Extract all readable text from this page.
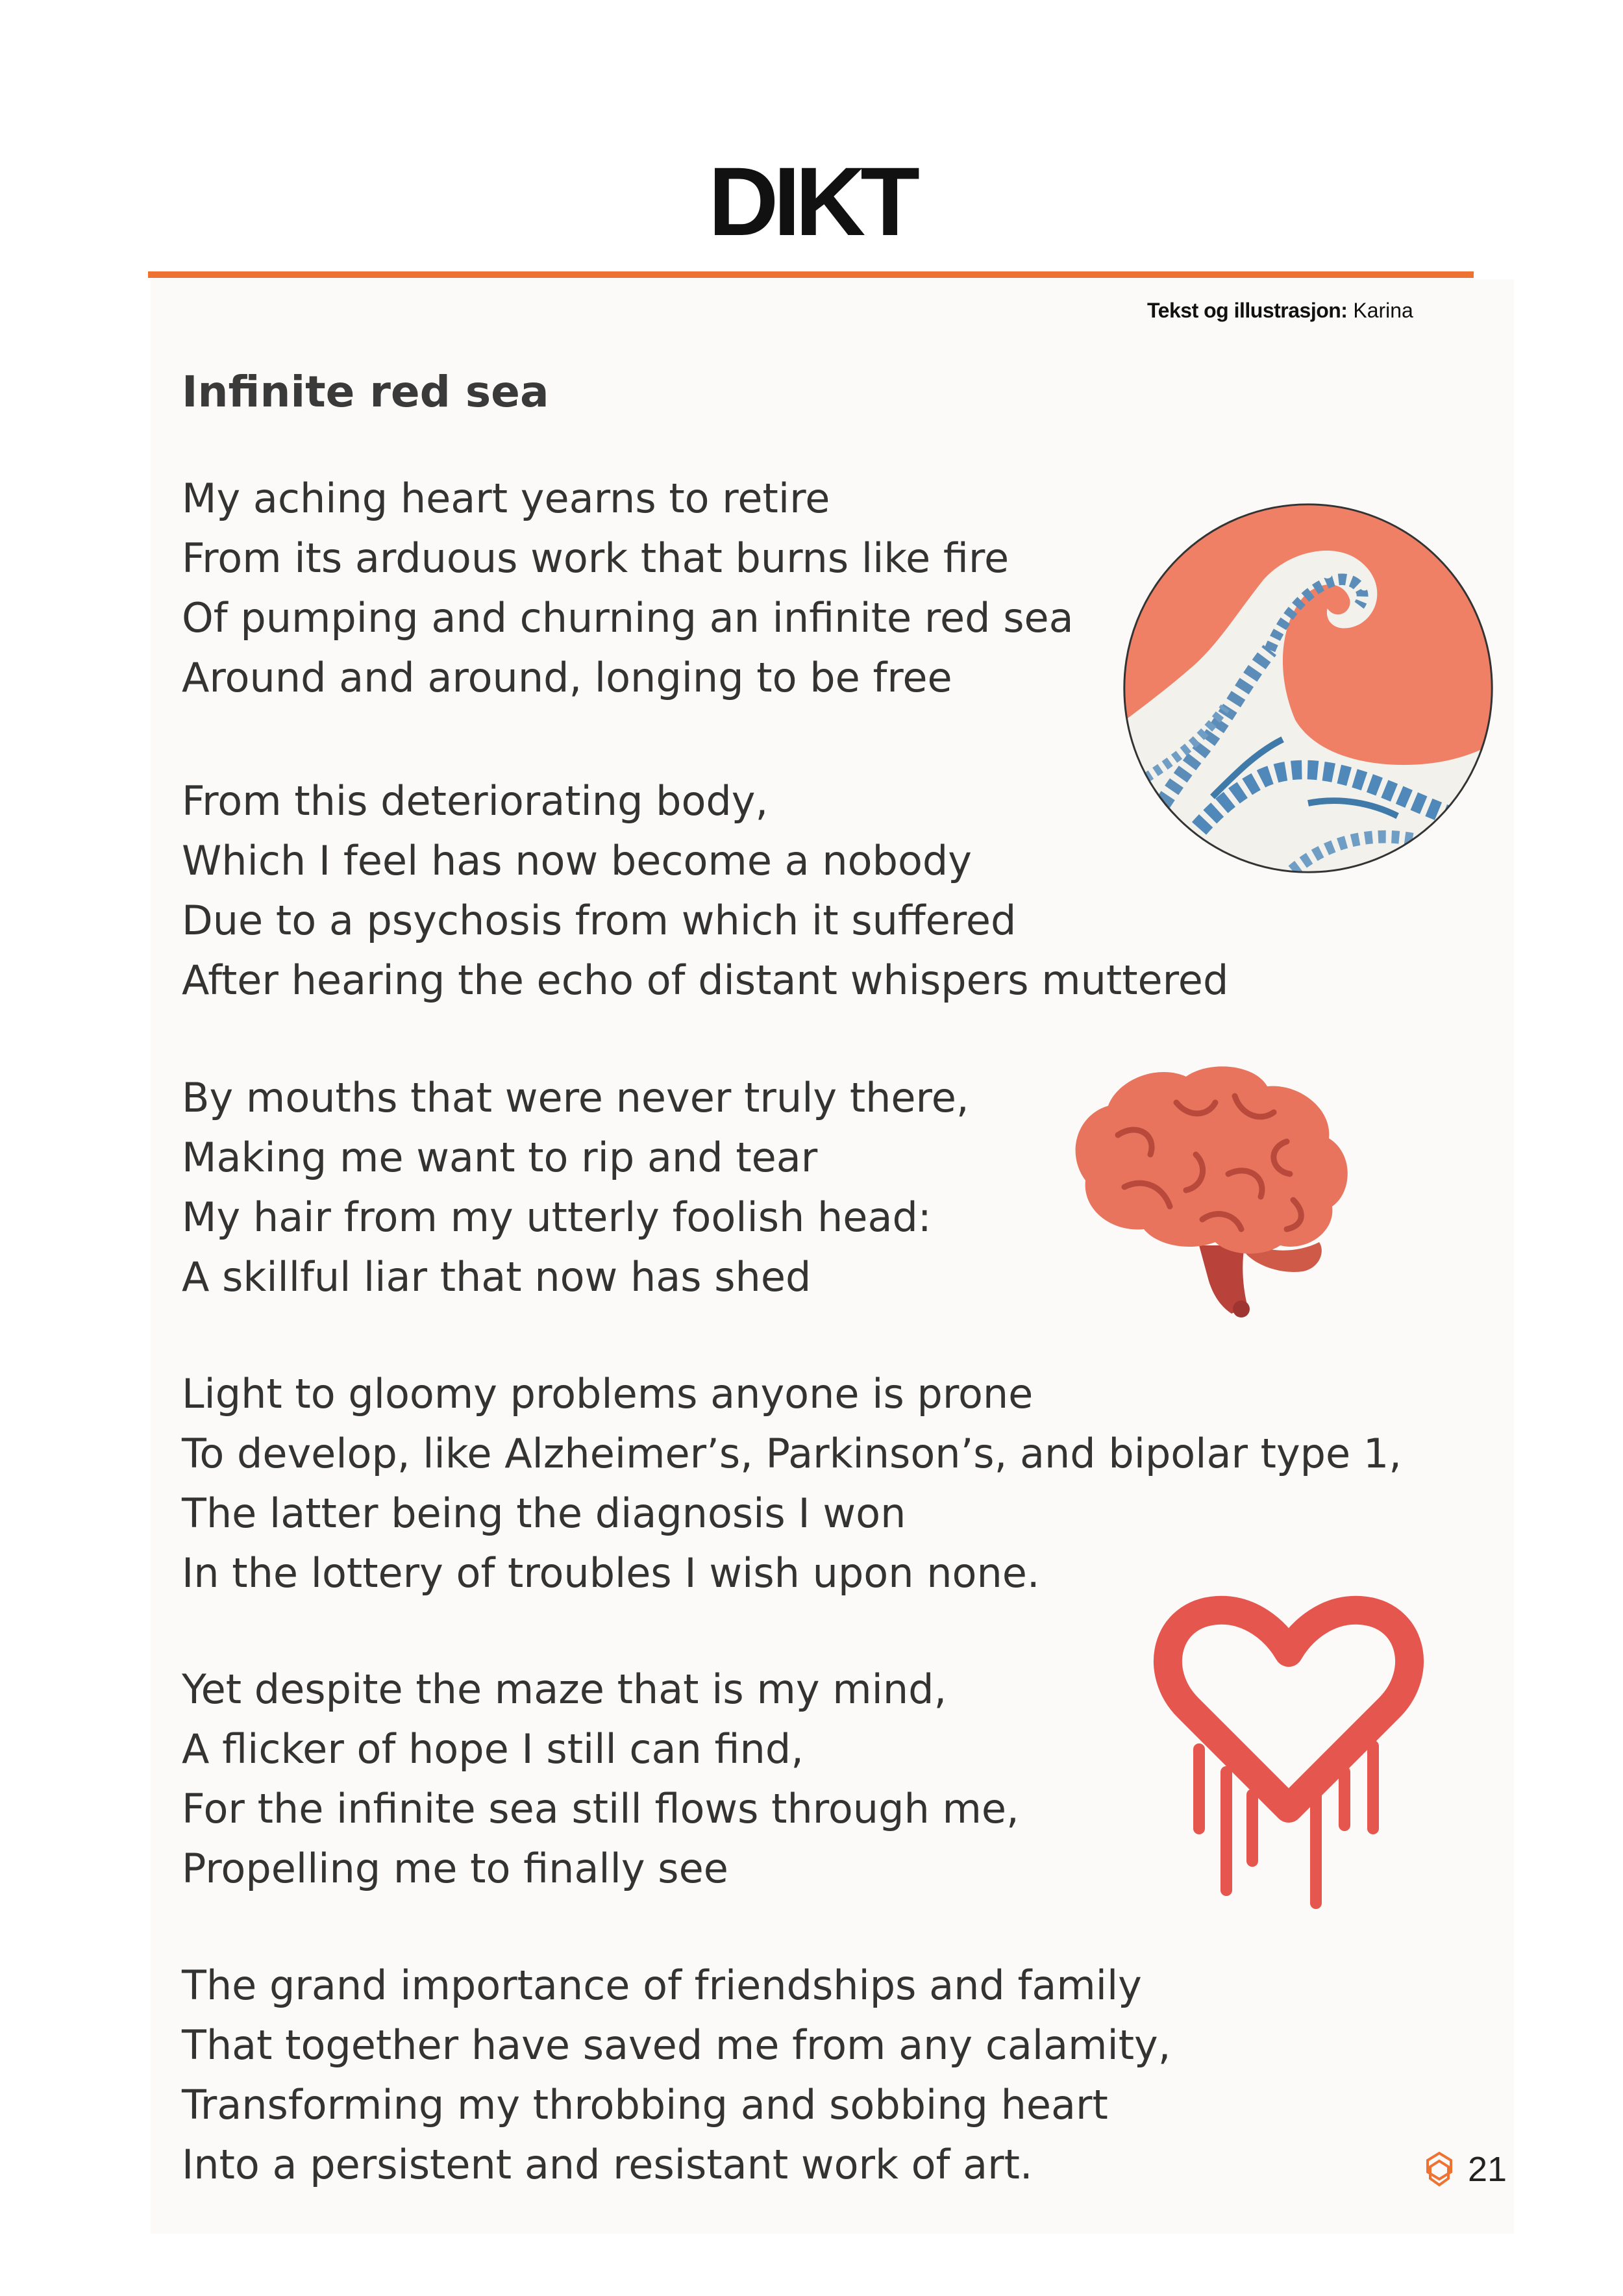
DIKT
Tekst og illustrasjon: Karina
Infinite red sea
My aching heart yearns to retire
From its arduous work that burns like fire
Of pumping and churning an infinite red sea
Around and around, longing to be free
From this deteriorating body,
Which I feel has now become a nobody
Due to a psychosis from which it suffered
After hearing the echo of distant whispers muttered
By mouths that were never truly there,
Making me want to rip and tear
My hair from my utterly foolish head:
A skillful liar that now has shed
Light to gloomy problems anyone is prone
To develop, like Alzheimer’s, Parkinson’s, and bipolar type 1,
The latter being the diagnosis I won
In the lottery of troubles I wish upon none.
Yet despite the maze that is my mind,
A flicker of hope I still can find,
For the infinite sea still flows through me,
Propelling me to finally see
The grand importance of friendships and family
That together have saved me from any calamity,
Transforming my throbbing and sobbing heart
Into a persistent and resistant work of art.	21
